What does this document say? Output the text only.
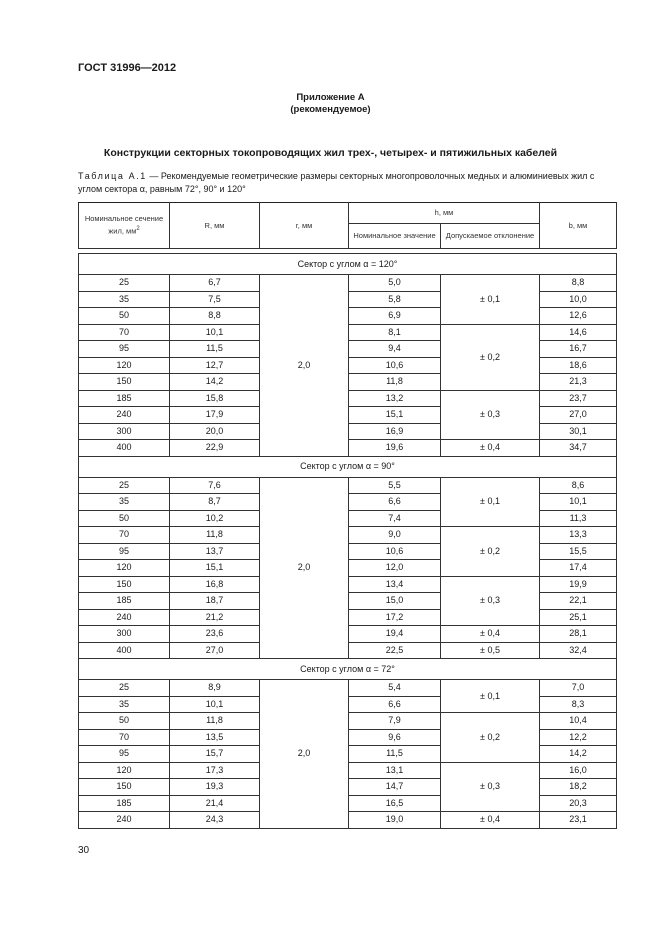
ГОСТ 31996—2012
Приложение А
(рекомендуемое)
Конструкции секторных токопроводящих жил трех-, четырех- и пятижильных кабелей
Таблица А.1 — Рекомендуемые геометрические размеры секторных многопроволочных медных и алюминиевых жил с углом сектора α, равным 72°, 90° и 120°
Номинальное сечение жил, $мм^2$	R, мм	r, мм	h, мм		b, мм
			Номинальное значение	Допускаемое отклонение	

Сектор с углом α = 120°					
25	6,7	2,0	5,0	± 0,1	8,8
35	7,5		5,8		10,0
50	8,8		6,9		12,6
70	10,1		8,1	± 0,2	14,6
95	11,5		9,4		16,7
120	12,7		10,6		18,6
150	14,2		11,8		21,3
185	15,8		13,2	± 0,3	23,7
240	17,9		15,1		27,0
300	20,0		16,9		30,1
400	22,9		19,6	± 0,4	34,7
Сектор с углом α = 90°					
25	7,6	2,0	5,5	± 0,1	8,6
35	8,7		6,6		10,1
50	10,2		7,4		11,3
70	11,8		9,0	± 0,2	13,3
95	13,7		10,6		15,5
120	15,1		12,0		17,4
150	16,8		13,4	± 0,3	19,9
185	18,7		15,0		22,1
240	21,2		17,2		25,1
300	23,6		19,4	± 0,4	28,1
400	27,0		22,5	± 0,5	32,4
Сектор с углом α = 72°					
25	8,9	2,0	5,4	± 0,1	7,0
35	10,1		6,6		8,3
50	11,8		7,9	± 0,2	10,4
70	13,5		9,6		12,2
95	15,7		11,5		14,2
120	17,3		13,1	± 0,3	16,0
150	19,3		14,7		18,2
185	21,4		16,5		20,3
240	24,3		19,0	± 0,4	23,1
30
